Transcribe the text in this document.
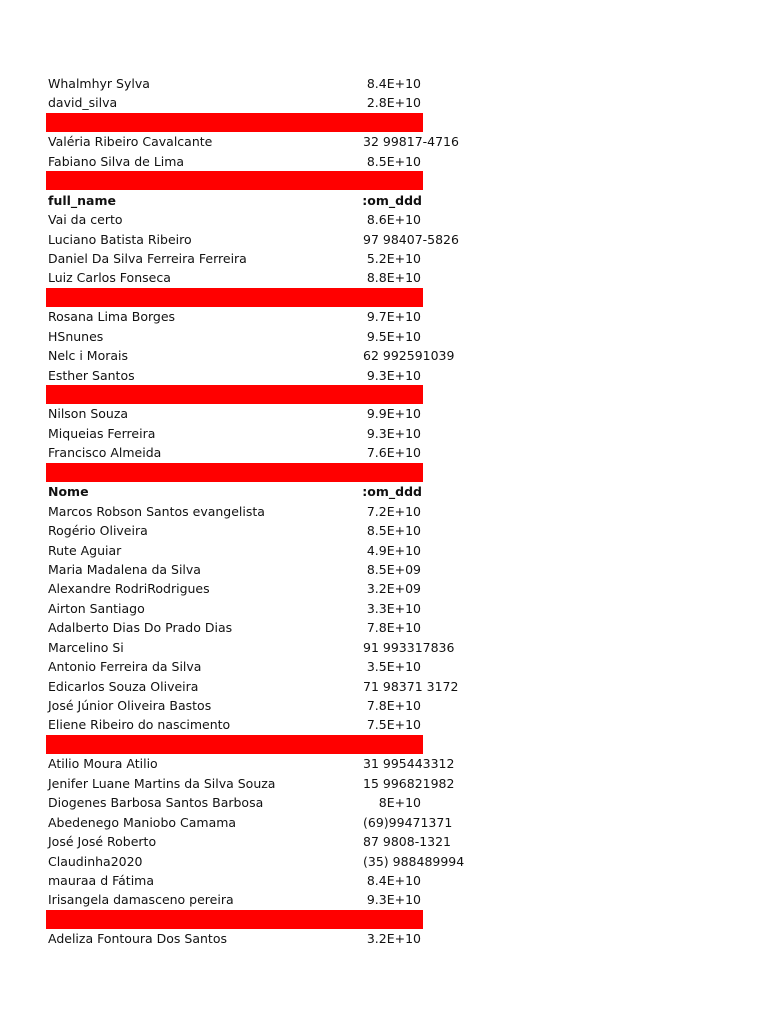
Whalmhyr Sylva	8.4E+10
david_silva	2.8E+10
Valéria Ribeiro Cavalcante	32 99817-4716
Fabiano Silva de Lima	8.5E+10
full_name	om_ddd:
Vai da certo	8.6E+10
Luciano Batista Ribeiro	97 98407-5826
Daniel Da Silva Ferreira Ferreira	5.2E+10
Luiz Carlos Fonseca	8.8E+10
Rosana Lima Borges	9.7E+10
HSnunes	9.5E+10
Nelc i Morais	62 992591039
Esther Santos	9.3E+10
Nilson Souza	9.9E+10
Miqueias Ferreira	9.3E+10
Francisco Almeida	7.6E+10
Nome	om_ddd:
Marcos Robson Santos evangelista	7.2E+10
Rogério Oliveira	8.5E+10
Rute Aguiar	4.9E+10
Maria Madalena da Silva	8.5E+09
Alexandre RodriRodrigues	3.2E+09
Airton Santiago	3.3E+10
Adalberto Dias Do Prado Dias	7.8E+10
Marcelino Si	91 993317836
Antonio Ferreira da Silva	3.5E+10
Edicarlos Souza Oliveira	71 98371 3172
José Júnior Oliveira Bastos	7.8E+10
Eliene Ribeiro do nascimento	7.5E+10
Atilio Moura Atilio	31 995443312
Jenifer Luane Martins da Silva Souza	15 996821982
Diogenes Barbosa Santos Barbosa	8E+10
Abedenego Maniobo Camama	(69)99471371
José José Roberto	87 9808-1321
Claudinha2020	(35) 988489994
mauraa d Fátima	8.4E+10
Irisangela damasceno pereira	9.3E+10
Adeliza Fontoura Dos Santos	3.2E+10
